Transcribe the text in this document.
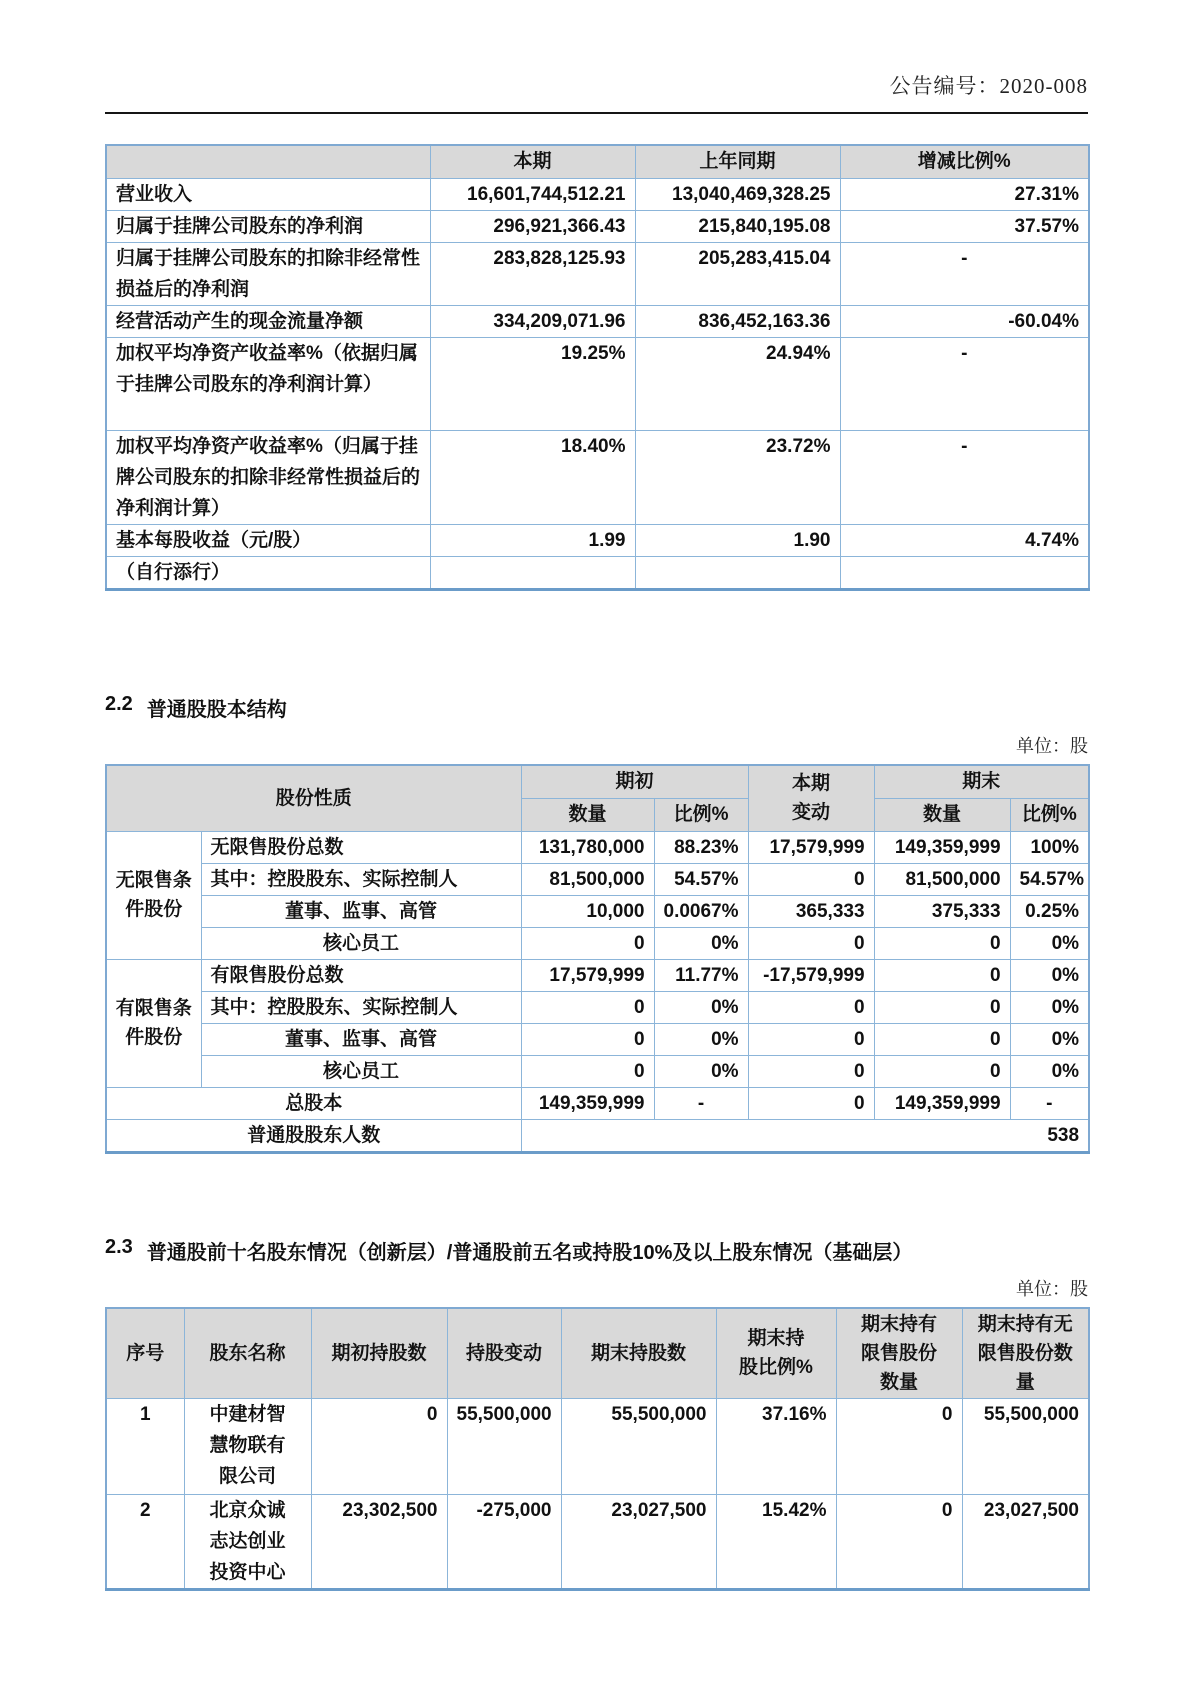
公告编号：2020-008
	本期	上年同期	增减比例%
营业收入	16,601,744,512.21	13,040,469,328.25	27.31%
归属于挂牌公司股东的净利润	296,921,366.43	215,840,195.08	37.57%
归属于挂牌公司股东的扣除非经常性损益后的净利润	283,828,125.93	205,283,415.04	-
经营活动产生的现金流量净额	334,209,071.96	836,452,163.36	-60.04%
加权平均净资产收益率%（依据归属于挂牌公司股东的净利润计算）	19.25%	24.94%	-
加权平均净资产收益率%（归属于挂牌公司股东的扣除非经常性损益后的净利润计算）	18.40%	23.72%	-
基本每股收益（元/股）	1.99	1.90	4.74%
（自行添行）			
2.2 普通股股本结构
单位：股
股份性质		期初		本期变动	期末	
		数量	比例%		数量	比例%
无限售条件股份	无限售股份总数	131,780,000	88.23%	17,579,999	149,359,999	100%
	其中：控股股东、实际控制人	81,500,000	54.57%	0	81,500,000	54.57%
	董事、监事、高管	10,000	0.0067%	365,333	375,333	0.25%
	核心员工	0	0%	0	0	0%
有限售条件股份	有限售股份总数	17,579,999	11.77%	-17,579,999	0	0%
	其中：控股股东、实际控制人	0	0%	0	0	0%
	董事、监事、高管	0	0%	0	0	0%
	核心员工	0	0%	0	0	0%
总股本		149,359,999	-	0	149,359,999	-
普通股股东人数		538				
2.3 普通股前十名股东情况（创新层）/普通股前五名或持股10%及以上股东情况（基础层）
单位：股
序号	股东名称	期初持股数	持股变动	期末持股数	期末持股比例%	期末持有限售股份数量	期末持有无限售股份数量
1	中建材智慧物联有限公司	0	55,500,000	55,500,000	37.16%	0	55,500,000
2	北京众诚志达创业投资中心	23,302,500	-275,000	23,027,500	15.42%	0	23,027,500
